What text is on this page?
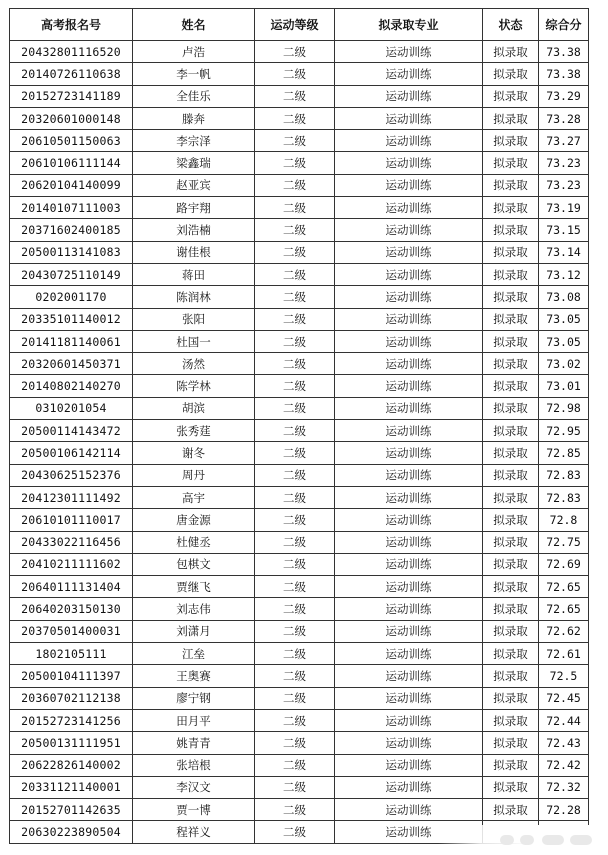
高考报名号	姓名	运动等级	拟录取专业	状态	综合分
20432801116520	卢浩	二级	运动训练	拟录取	73.38
20140726110638	李一帆	二级	运动训练	拟录取	73.38
20152723141189	全佳乐	二级	运动训练	拟录取	73.29
20320601000148	滕奔	二级	运动训练	拟录取	73.28
20610501150063	李宗泽	二级	运动训练	拟录取	73.27
20610106111144	梁鑫瑞	二级	运动训练	拟录取	73.23
20620104140099	赵亚宾	二级	运动训练	拟录取	73.23
20140107111003	路宇翔	二级	运动训练	拟录取	73.19
20371602400185	刘浩楠	二级	运动训练	拟录取	73.15
20500113141083	谢佳根	二级	运动训练	拟录取	73.14
20430725110149	蒋田	二级	运动训练	拟录取	73.12
0202001170	陈润林	二级	运动训练	拟录取	73.08
20335101140012	张阳	二级	运动训练	拟录取	73.05
20141181140061	杜国一	二级	运动训练	拟录取	73.05
20320601450371	汤然	二级	运动训练	拟录取	73.02
20140802140270	陈学林	二级	运动训练	拟录取	73.01
0310201054	胡滨	二级	运动训练	拟录取	72.98
20500114143472	张秀莛	二级	运动训练	拟录取	72.95
20500106142114	谢冬	二级	运动训练	拟录取	72.85
20430625152376	周丹	二级	运动训练	拟录取	72.83
20412301111492	高宇	二级	运动训练	拟录取	72.83
20610101110017	唐金源	二级	运动训练	拟录取	72.8
20433022116456	杜健丞	二级	运动训练	拟录取	72.75
20410211111602	包棋文	二级	运动训练	拟录取	72.69
20640111131404	贾继飞	二级	运动训练	拟录取	72.65
20640203150130	刘志伟	二级	运动训练	拟录取	72.65
20370501400031	刘潇月	二级	运动训练	拟录取	72.62
1802105111	江垒	二级	运动训练	拟录取	72.61
20500104111397	王奥赛	二级	运动训练	拟录取	72.5
20360702112138	廖宁钢	二级	运动训练	拟录取	72.45
20152723141256	田月平	二级	运动训练	拟录取	72.44
20500131111951	姚青青	二级	运动训练	拟录取	72.43
20622826140002	张培根	二级	运动训练	拟录取	72.42
20331121140001	李汉文	二级	运动训练	拟录取	72.32
20152701142635	贾一博	二级	运动训练	拟录取	72.28
20630223890504	程祥义	二级	运动训练		
